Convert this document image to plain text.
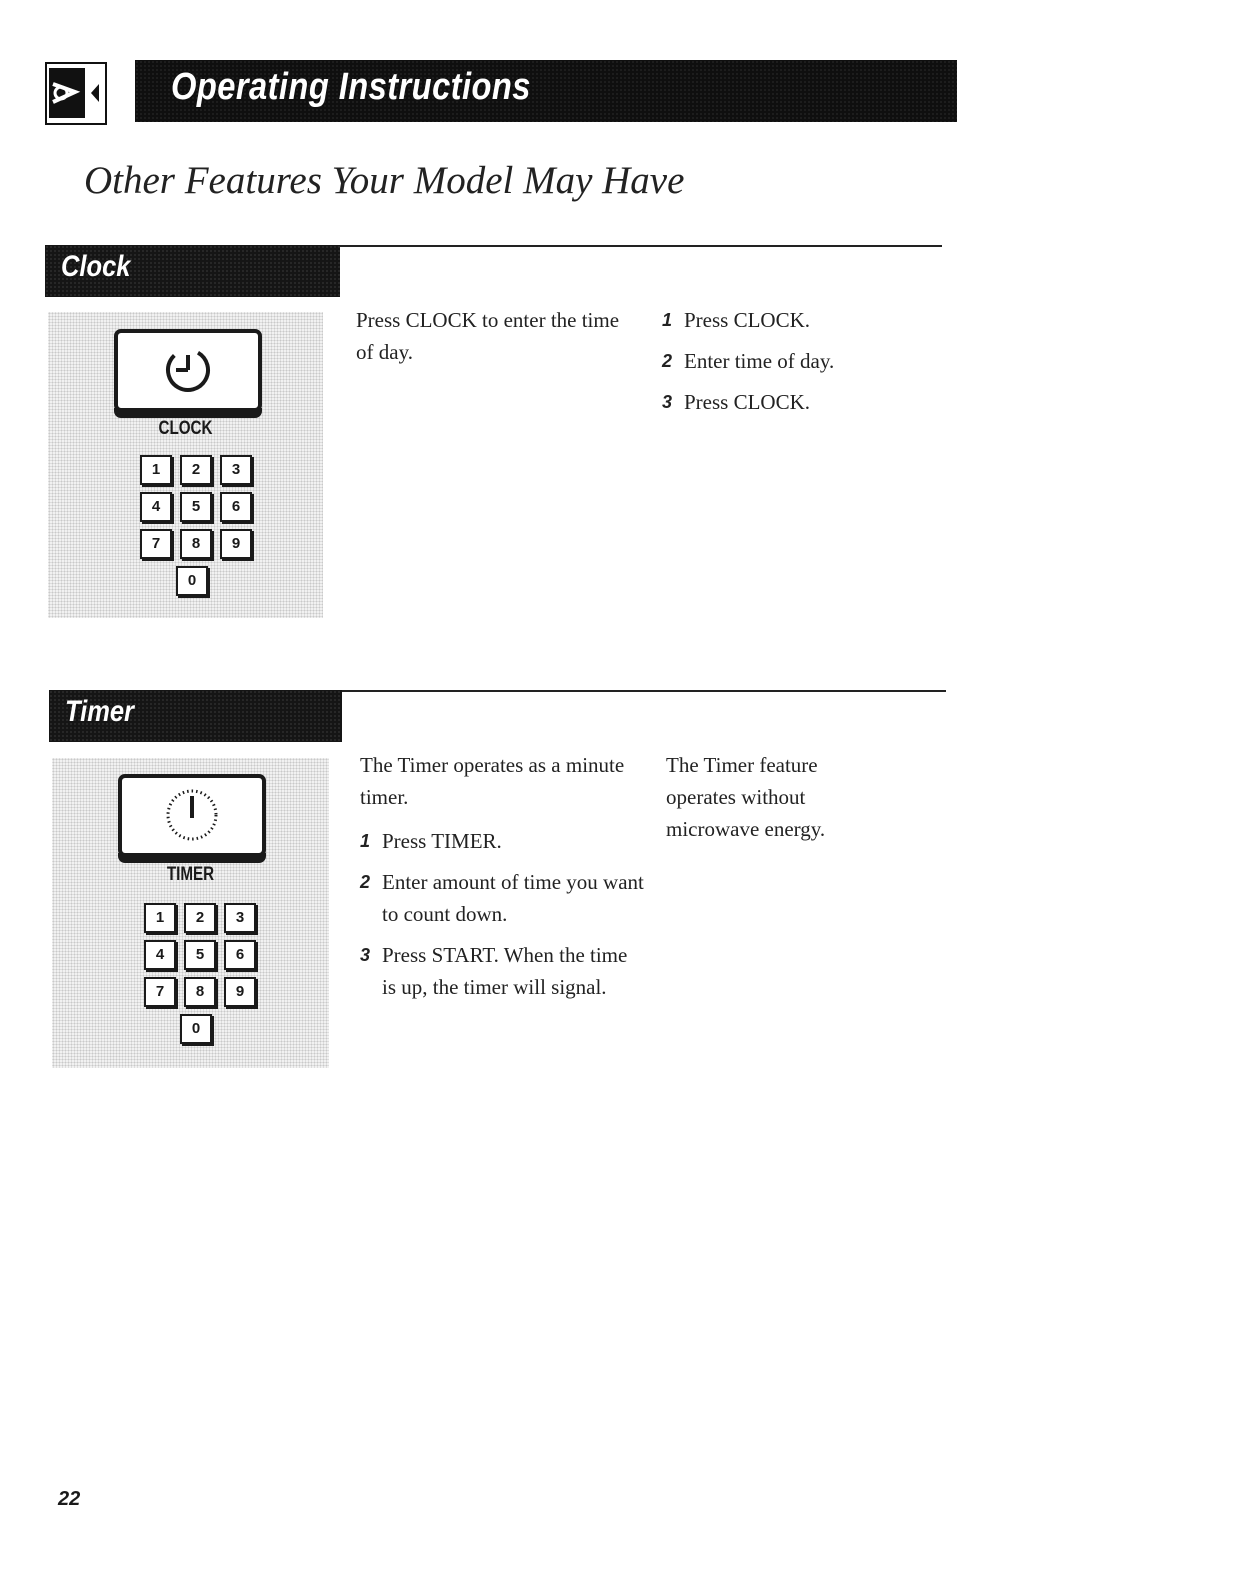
Operating Instructions
Other Features Your Model May Have
Clock
CLOCK
1	2	3
4	5	6
7	8	9
0
Press CLOCK to enter the time of day.
1 Press CLOCK.
2 Enter time of day.
3 Press CLOCK.
Timer
TIMER
1	2	3
4	5	6
7	8	9
0
The Timer operates as a minute timer.
1 Press TIMER.
2 Enter amount of time you want to count down.
3 Press START. When the time is up, the timer will signal.
The Timer feature operates without microwave energy.
22
